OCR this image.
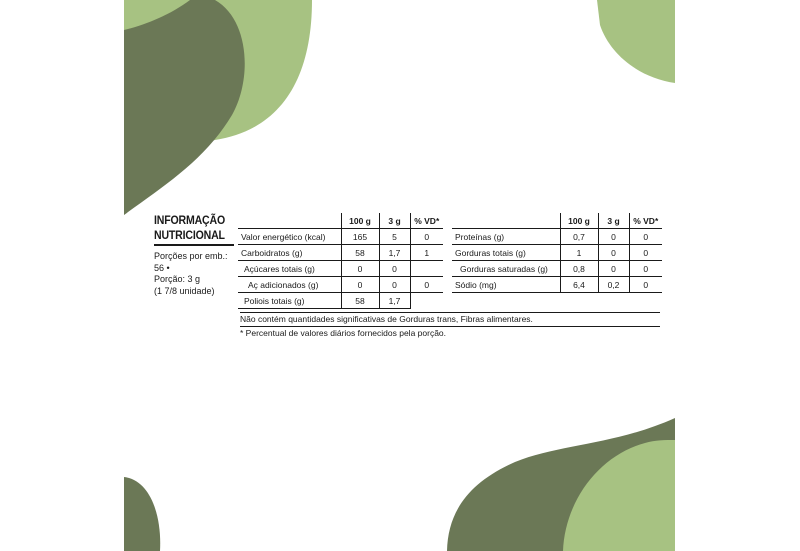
INFORMAÇÃO
NUTRICIONAL
Porções por emb.:
56 •
Porção: 3 g
(1 7/8 unidade)
	100 g	3 g	% VD*
Valor energético (kcal)	165	5	0
Carboidratos (g)	58	1,7	1
Açúcares totais (g)	0	0	
Aç adicionados (g)	0	0	0
Poliois totais (g)	58	1,7	
	100 g	3 g	% VD*
Proteínas (g)	0,7	0	0
Gorduras totais (g)	1	0	0
Gorduras saturadas (g)	0,8	0	0
Sódio (mg)	6,4	0,2	0
Não contém quantidades significativas de Gorduras trans, Fibras alimentares.
* Percentual de valores diários fornecidos pela porção.
